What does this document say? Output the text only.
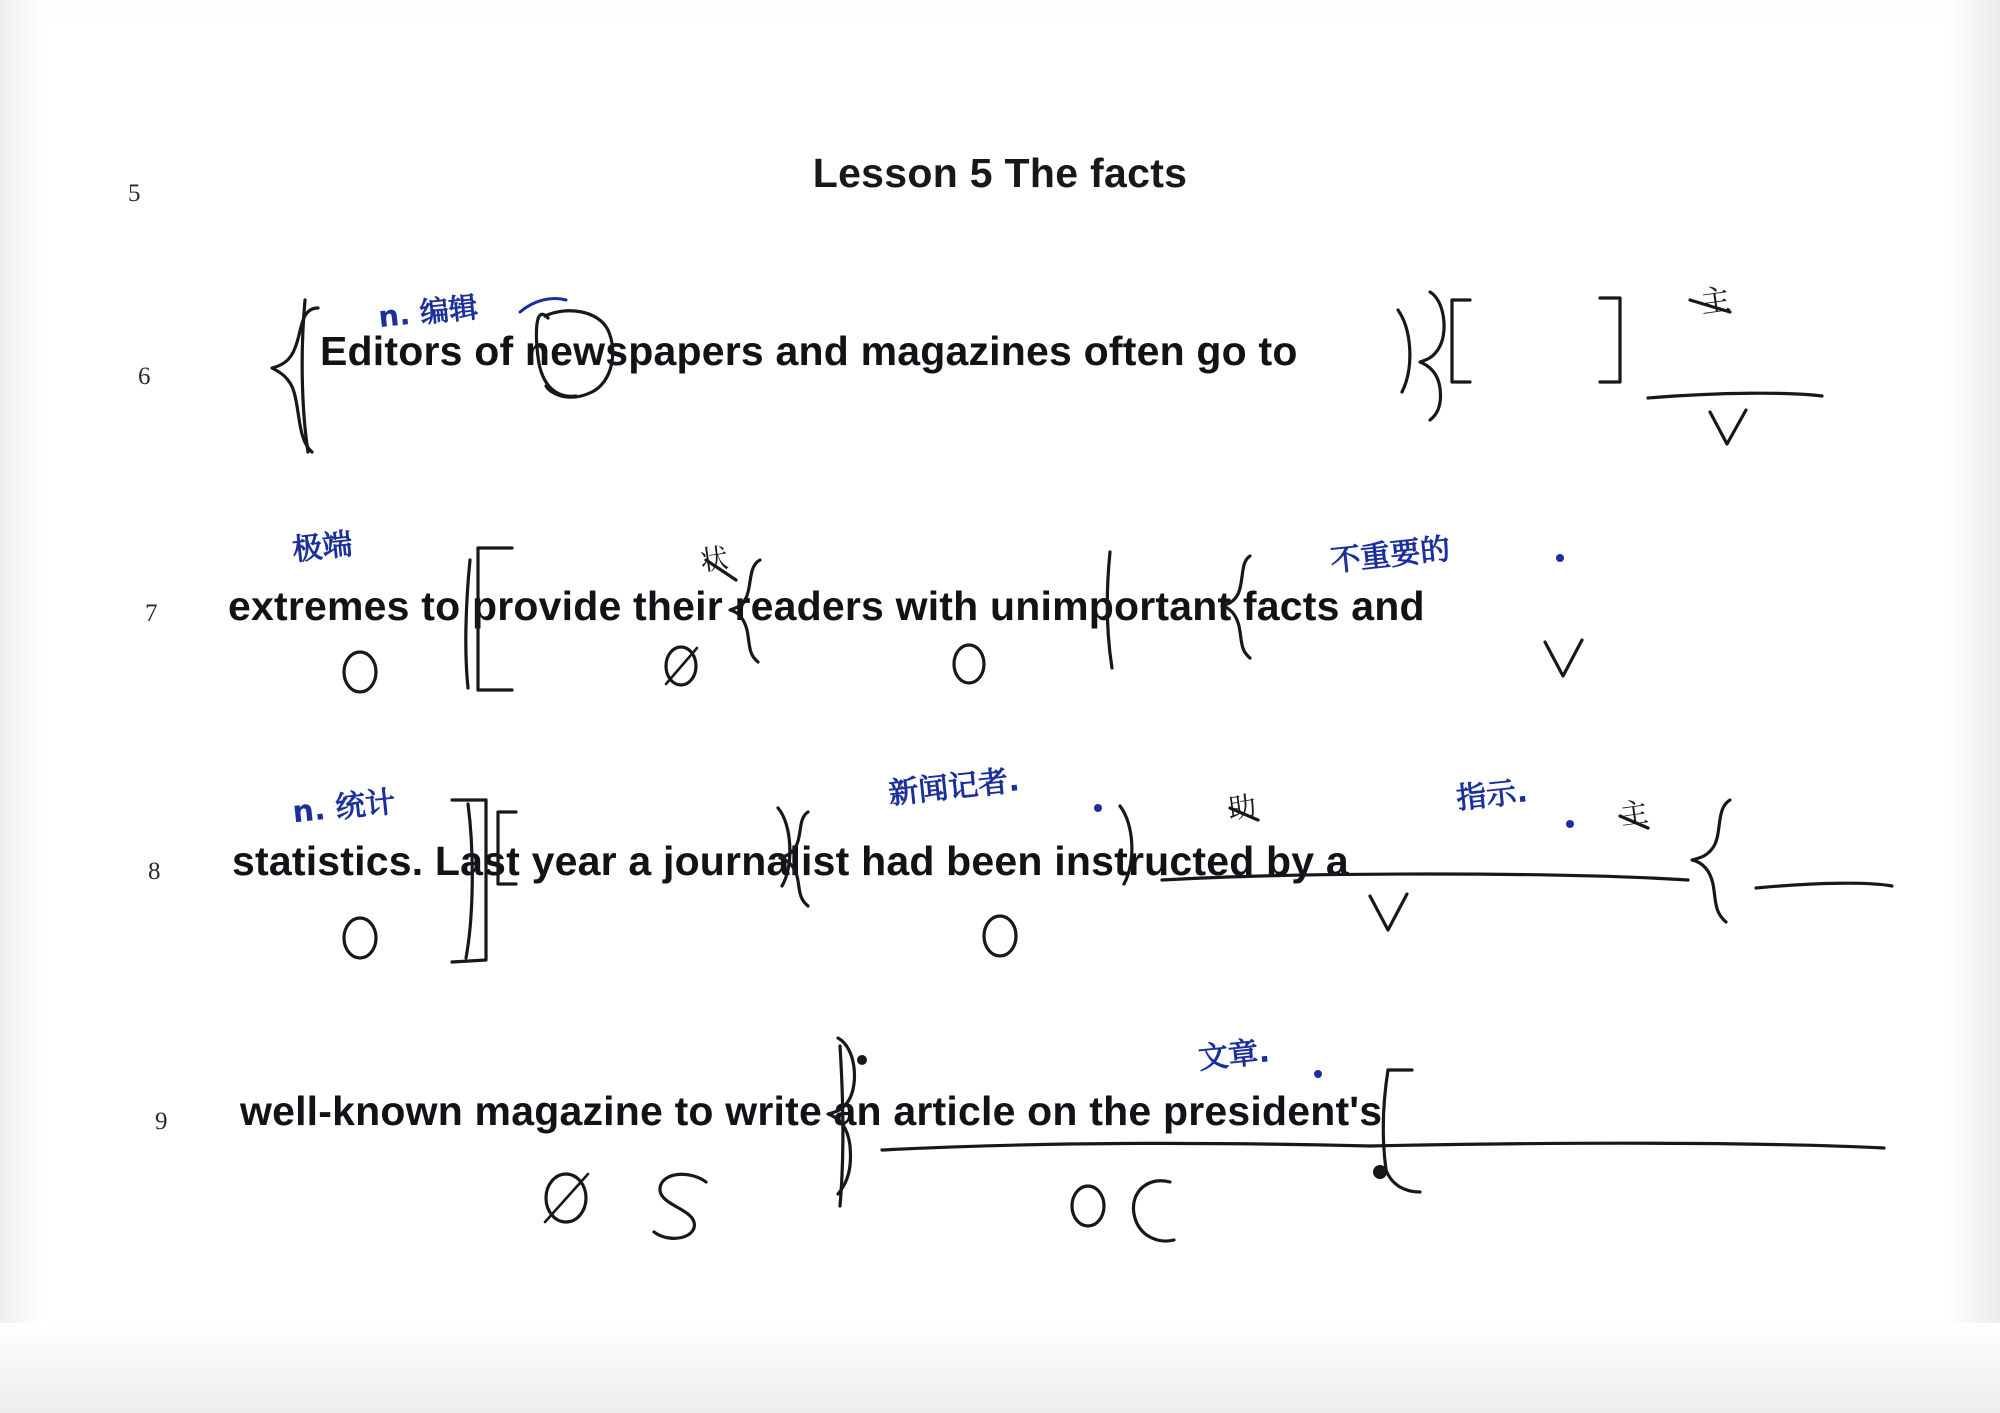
Lesson 5 The facts
5
6
7
8
9
Editors of newspapers and magazines often go to
extremes to provide their readers with unimportant facts and
statistics. Last year a journalist had been instructed by a
well-known magazine to write an article on the president's
n. 编辑
极端	不重要的
n. 统计	新闻记者.	指示.
文章.
主
状
助	主
